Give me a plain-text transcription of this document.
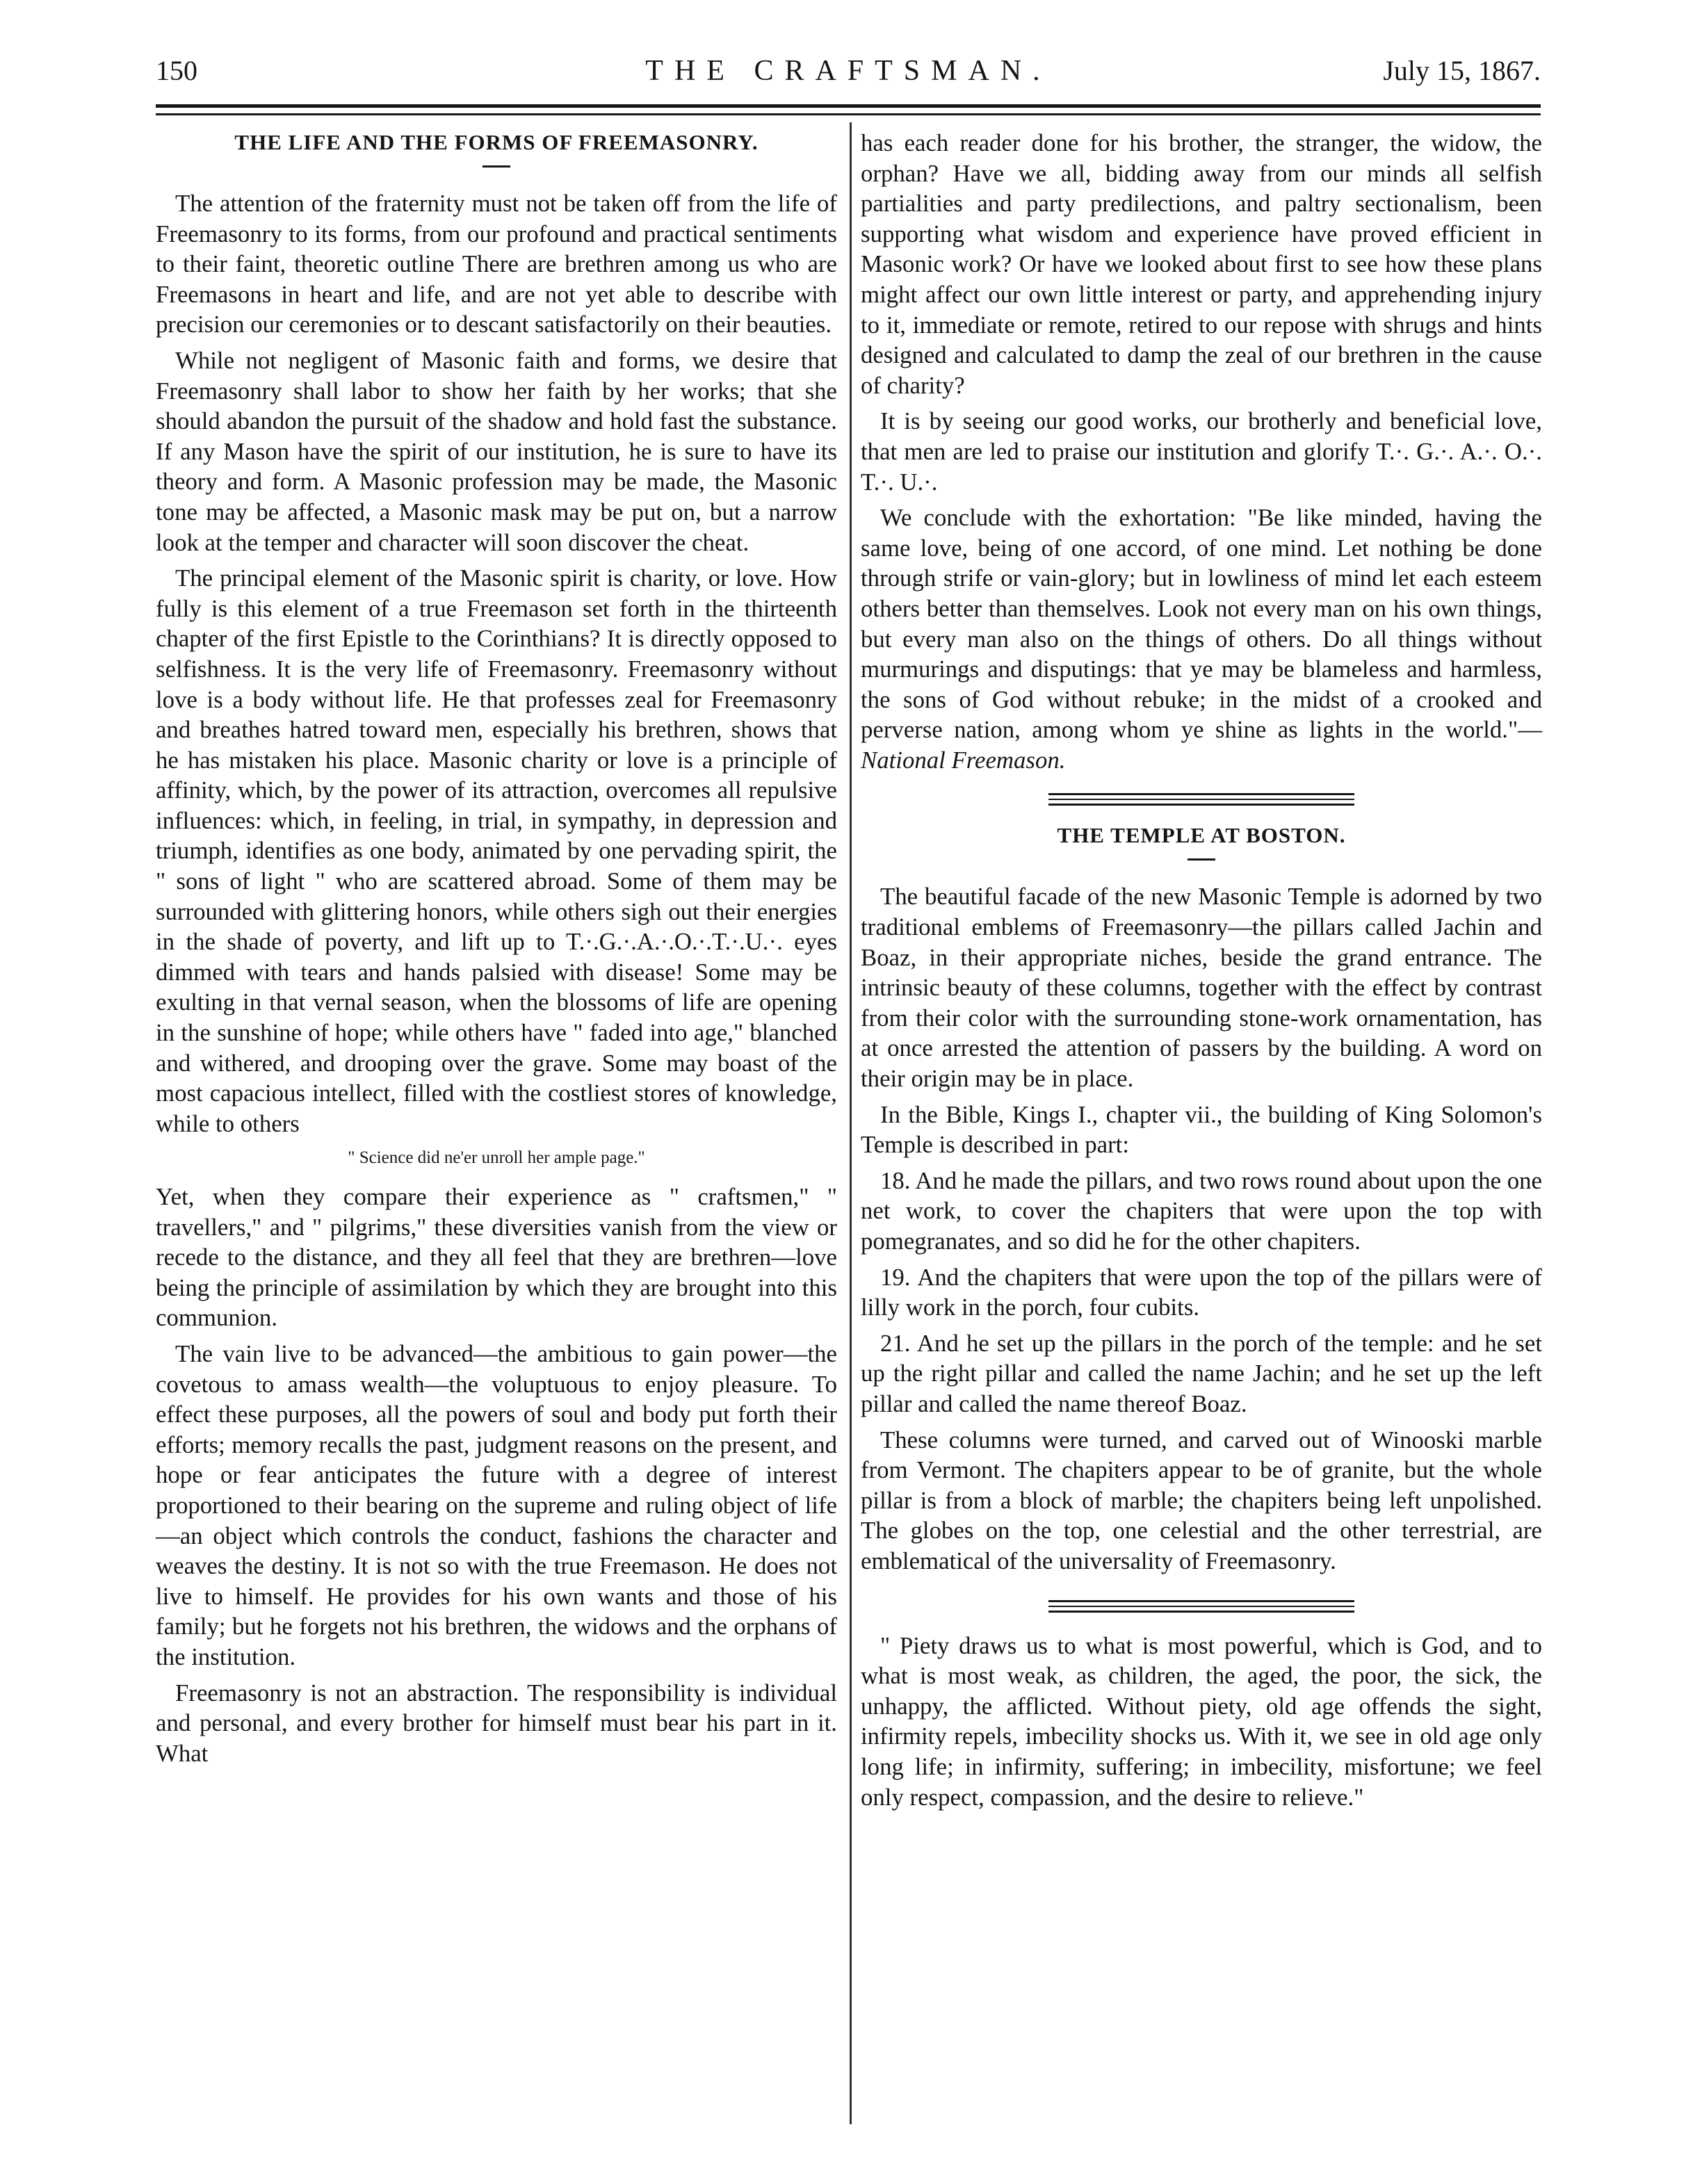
150	THE CRAFTSMAN.	July 15, 1867.
THE LIFE AND THE FORMS OF FREEMASONRY.

The attention of the fraternity must not be taken off from the life of Freemasonry to its forms, from our profound and practical sentiments to their faint, theoretic outline There are brethren among us who are Freemasons in heart and life, and are not yet able to describe with precision our ceremonies or to descant satisfactorily on their beauties.

While not negligent of Masonic faith and forms, we desire that Freemasonry shall labor to show her faith by her works; that she should abandon the pursuit of the shadow and hold fast the substance. If any Mason have the spirit of our institution, he is sure to have its theory and form. A Masonic profession may be made, the Masonic tone may be affected, a Masonic mask may be put on, but a narrow look at the temper and character will soon discover the cheat.

The principal element of the Masonic spirit is charity, or love. How fully is this element of a true Freemason set forth in the thirteenth chapter of the first Epistle to the Corinthians? It is directly opposed to selfishness. It is the very life of Freemasonry. Freemasonry without love is a body without life. He that professes zeal for Freemasonry and breathes hatred toward men, especially his brethren, shows that he has mistaken his place. Masonic charity or love is a principle of affinity, which, by the power of its attraction, overcomes all repulsive influences: which, in feeling, in trial, in sympathy, in depression and triumph, identifies as one body, animated by one pervading spirit, the " sons of light " who are scattered abroad. Some of them may be surrounded with glittering honors, while others sigh out their energies in the shade of poverty, and lift up to T.·.G.·.A.·.O.·.T.·.U.·. eyes dimmed with tears and hands palsied with disease! Some may be exulting in that vernal season, when the blossoms of life are opening in the sunshine of hope; while others have " faded into age," blanched and withered, and drooping over the grave. Some may boast of the most capacious intellect, filled with the costliest stores of knowledge, while to others

" Science did ne'er unroll her ample page."

Yet, when they compare their experience as " craftsmen," " travellers," and " pilgrims," these diversities vanish from the view or recede to the distance, and they all feel that they are brethren—love being the principle of assimilation by which they are brought into this communion.

The vain live to be advanced—the ambitious to gain power—the covetous to amass wealth—the voluptuous to enjoy pleasure. To effect these purposes, all the powers of soul and body put forth their efforts; memory recalls the past, judgment reasons on the present, and hope or fear anticipates the future with a degree of interest proportioned to their bearing on the supreme and ruling object of life—an object which controls the conduct, fashions the character and weaves the destiny. It is not so with the true Freemason. He does not live to himself. He provides for his own wants and those of his family; but he forgets not his brethren, the widows and the orphans of the institution.

Freemasonry is not an abstraction. The responsibility is individual and personal, and every brother for himself must bear his part in it. What

has each reader done for his brother, the stranger, the widow, the orphan? Have we all, bidding away from our minds all selfish partialities and party predilections, and paltry sectionalism, been supporting what wisdom and experience have proved efficient in Masonic work? Or have we looked about first to see how these plans might affect our own little interest or party, and apprehending injury to it, immediate or remote, retired to our repose with shrugs and hints designed and calculated to damp the zeal of our brethren in the cause of charity?

It is by seeing our good works, our brotherly and beneficial love, that men are led to praise our institution and glorify T.·. G.·. A.·. O.·. T.·. U.·.

We conclude with the exhortation: "Be like minded, having the same love, being of one accord, of one mind. Let nothing be done through strife or vain-glory; but in lowliness of mind let each esteem others better than themselves. Look not every man on his own things, but every man also on the things of others. Do all things without murmurings and disputings: that ye may be blameless and harmless, the sons of God without rebuke; in the midst of a crooked and perverse nation, among whom ye shine as lights in the world."—National Freemason.

THE TEMPLE AT BOSTON.

The beautiful facade of the new Masonic Temple is adorned by two traditional emblems of Freemasonry—the pillars called Jachin and Boaz, in their appropriate niches, beside the grand entrance. The intrinsic beauty of these columns, together with the effect by contrast from their color with the surrounding stone-work ornamentation, has at once arrested the attention of passers by the building. A word on their origin may be in place.

In the Bible, Kings I., chapter vii., the building of King Solomon's Temple is described in part:

18. And he made the pillars, and two rows round about upon the one net work, to cover the chapiters that were upon the top with pomegranates, and so did he for the other chapiters.

19. And the chapiters that were upon the top of the pillars were of lilly work in the porch, four cubits.

21. And he set up the pillars in the porch of the temple: and he set up the right pillar and called the name Jachin; and he set up the left pillar and called the name thereof Boaz.

These columns were turned, and carved out of Winooski marble from Vermont. The chapiters appear to be of granite, but the whole pillar is from a block of marble; the chapiters being left unpolished. The globes on the top, one celestial and the other terrestrial, are emblematical of the universality of Freemasonry.

" Piety draws us to what is most powerful, which is God, and to what is most weak, as children, the aged, the poor, the sick, the unhappy, the afflicted. Without piety, old age offends the sight, infirmity repels, imbecility shocks us. With it, we see in old age only long life; in infirmity, suffering; in imbecility, misfortune; we feel only respect, compassion, and the desire to relieve."
